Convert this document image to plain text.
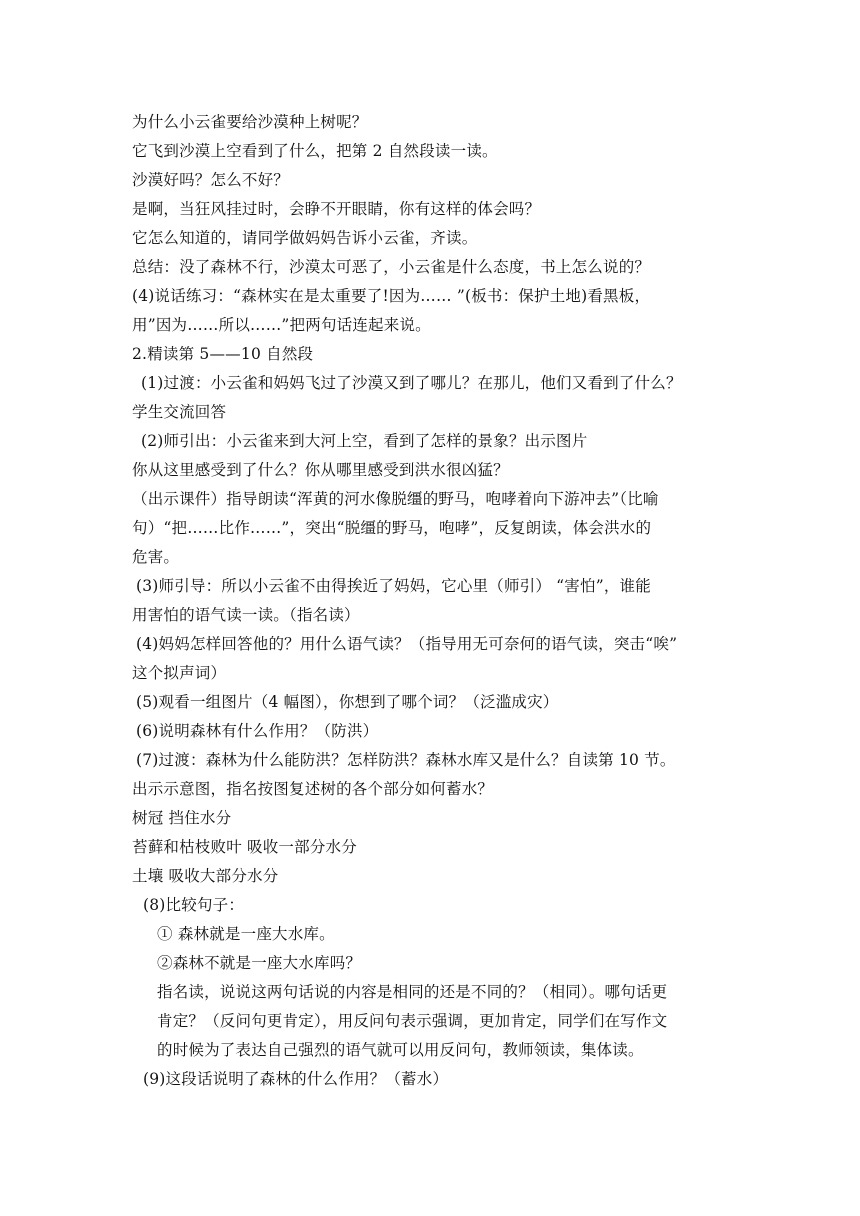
为什么小云雀要给沙漠种上树呢？
它飞到沙漠上空看到了什么，把第 2 自然段读一读。
沙漠好吗？怎么不好？
是啊，当狂风挂过时，会睁不开眼睛，你有这样的体会吗？
它怎么知道的，请同学做妈妈告诉小云雀，齐读。
总结：没了森林不行，沙漠太可恶了，小云雀是什么态度，书上怎么说的？
(4)说话练习：“森林实在是太重要了!因为…… ”(板书：保护土地)看黑板，
用”因为……所以……”把两句话连起来说。
2.精读第 5——10 自然段
(1)过渡：小云雀和妈妈飞过了沙漠又到了哪儿？在那儿，他们又看到了什么？
学生交流回答
(2)师引出：小云雀来到大河上空，看到了怎样的景象？出示图片
你从这里感受到了什么？你从哪里感受到洪水很凶猛？
（出示课件）指导朗读“浑黄的河水像脱缰的野马，咆哮着向下游冲去”（比喻
句）“把……比作……”，突出“脱缰的野马，咆哮”，反复朗读，体会洪水的
危害。
(3)师引导：所以小云雀不由得挨近了妈妈，它心里（师引） “害怕”，谁能
用害怕的语气读一读。（指名读）
(4)妈妈怎样回答他的？用什么语气读？（指导用无可奈何的语气读，突击“唉”
这个拟声词）
(5)观看一组图片（4 幅图），你想到了哪个词？（泛滥成灾）
(6)说明森林有什么作用？（防洪）
(7)过渡：森林为什么能防洪？怎样防洪？森林水库又是什么？自读第 10 节。
出示示意图，指名按图复述树的各个部分如何蓄水？
树冠 挡住水分
苔藓和枯枝败叶 吸收一部分水分
土壤 吸收大部分水分
(8)比较句子：
① 森林就是一座大水库。
②森林不就是一座大水库吗？
指名读，说说这两句话说的内容是相同的还是不同的？（相同）。哪句话更
肯定？（反问句更肯定），用反问句表示强调，更加肯定，同学们在写作文
的时候为了表达自己强烈的语气就可以用反问句，教师领读，集体读。
(9)这段话说明了森林的什么作用？（蓄水）
